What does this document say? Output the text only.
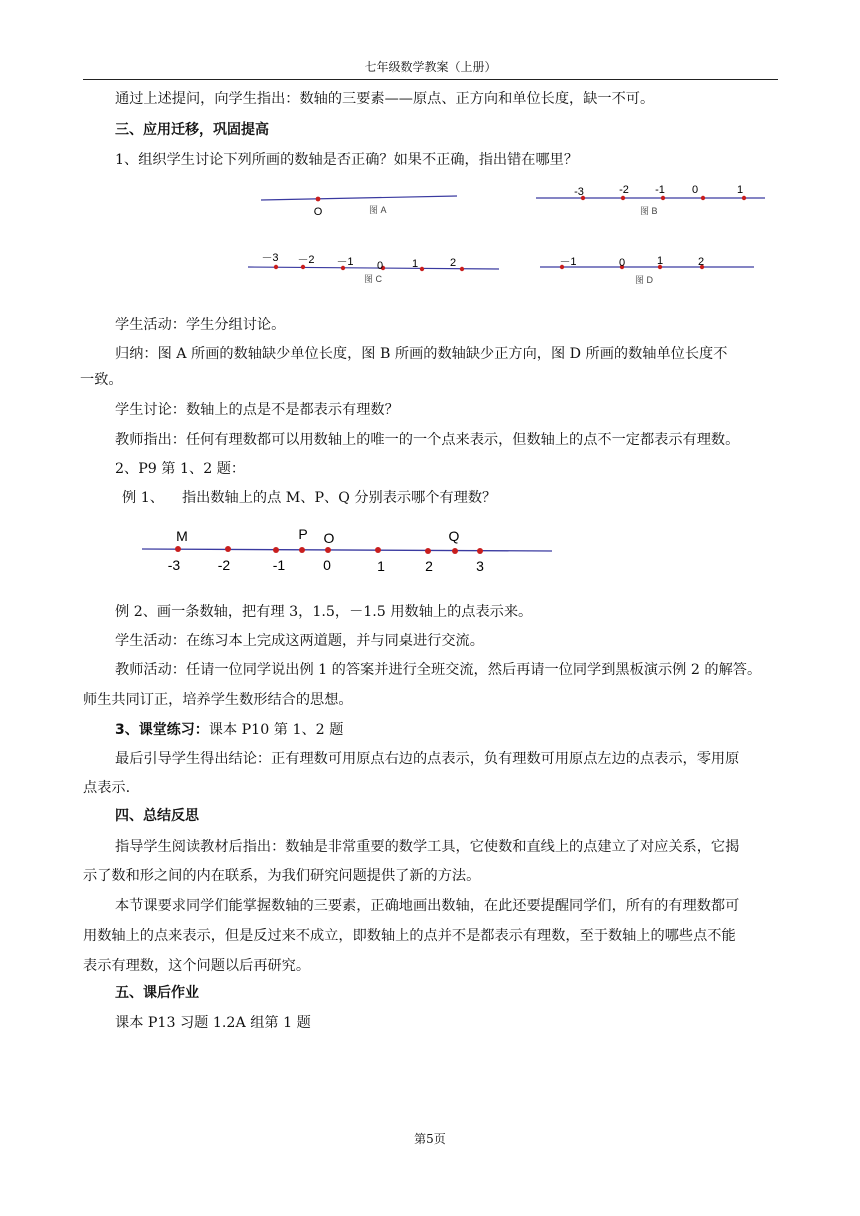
七年级数学教案（上册）
通过上述提问，向学生指出：数轴的三要素——原点、正方向和单位长度，缺一不可。
三、应用迁移，巩固提高
1、组织学生讨论下列所画的数轴是否正确？如果不正确，指出错在哪里？
O	图 A
-3	-2 -1 0	1
图 B
－3 －2 －1 0	1	2
图 C
－1	0	1	2
图 D
学生活动：学生分组讨论。
归纳：图 A 所画的数轴缺少单位长度，图 B 所画的数轴缺少正方向，图 D 所画的数轴单位长度不
一致。
学生讨论：数轴上的点是不是都表示有理数？
教师指出：任何有理数都可以用数轴上的唯一的一个点来表示，但数轴上的点不一定都表示有理数。
2、P9 第 1、2 题：
例 1、    指出数轴上的点 M、P、Q 分别表示哪个有理数？
M	P O	Q
-3	-2	-1	0	1	2	3
例 2、画一条数轴，把有理 3，1.5，－1.5 用数轴上的点表示来。
学生活动：在练习本上完成这两道题，并与同桌进行交流。
教师活动：任请一位同学说出例 1 的答案并进行全班交流，然后再请一位同学到黑板演示例 2 的解答。
师生共同订正，培养学生数形结合的思想。
3、课堂练习：课本 P10 第 1、2 题
最后引导学生得出结论：正有理数可用原点右边的点表示，负有理数可用原点左边的点表示，零用原
点表示.
四、总结反思
指导学生阅读教材后指出：数轴是非常重要的数学工具，它使数和直线上的点建立了对应关系，它揭
示了数和形之间的内在联系，为我们研究问题提供了新的方法。
本节课要求同学们能掌握数轴的三要素，正确地画出数轴，在此还要提醒同学们，所有的有理数都可
用数轴上的点来表示，但是反过来不成立，即数轴上的点并不是都表示有理数，至于数轴上的哪些点不能
表示有理数，这个问题以后再研究。
五、课后作业
课本 P13 习题 1.2A 组第 1 题
第5页
